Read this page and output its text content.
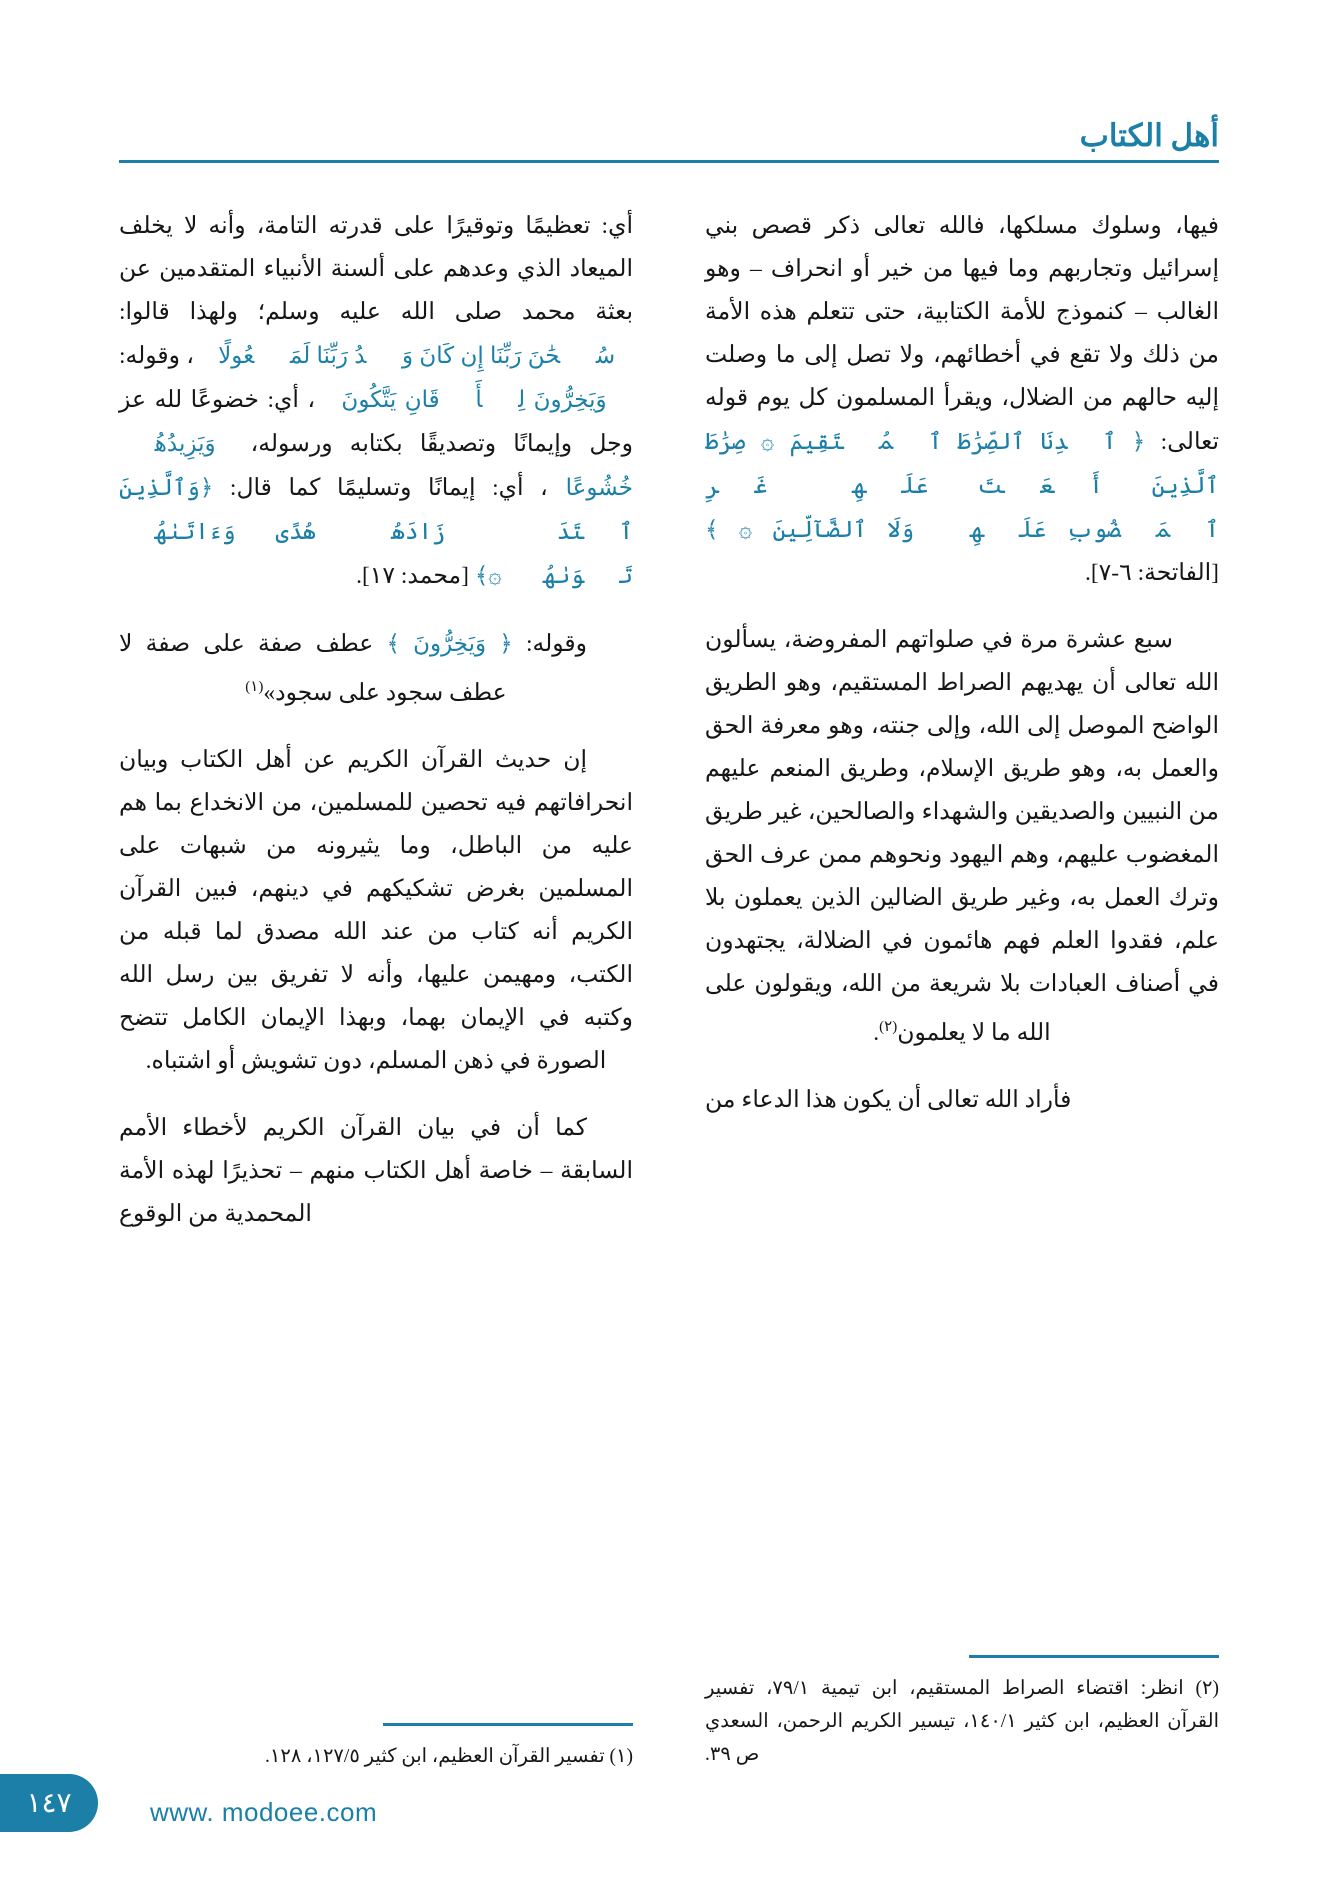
أهل الكتاب

فيها، وسلوك مسلكها، فالله تعالى ذكر قصص بني إسرائيل وتجاربهم وما فيها من خير أو انحراف – وهو الغالب – كنموذج للأمة الكتابية، حتى تتعلم هذه الأمة من ذلك ولا تقع في أخطائهم، ولا تصل إلى ما وصلت إليه حالهم من الضلال، ويقرأ المسلمون كل يوم قوله تعالى: ﴿ ٱهۡدِنَا ٱلصِّرَٰطَ ٱلۡمُسۡتَقِيمَ ۞ صِرَٰطَ ٱلَّذِينَ أَنۡعَمۡتَ عَلَيۡهِمۡ غَيۡرِ ٱلۡمَغۡضُوبِ عَلَيۡهِمۡ وَلَا ٱلضَّآلِّينَ ۞ ﴾ [الفاتحة: ٦-٧].

سبع عشرة مرة في صلواتهم المفروضة، يسألون الله تعالى أن يهديهم الصراط المستقيم، وهو الطريق الواضح الموصل إلى الله، وإلى جنته، وهو معرفة الحق والعمل به، وهو طريق الإسلام، وطريق المنعم عليهم من النبيين والصديقين والشهداء والصالحين، غير طريق المغضوب عليهم، وهم اليهود ونحوهم ممن عرف الحق وترك العمل به، وغير طريق الضالين الذين يعملون بلا علم، فقدوا العلم فهم هائمون في الضلالة، يجتهدون في أصناف العبادات بلا شريعة من الله، ويقولون على الله ما لا يعلمون$^{(٢)}$.

فأراد الله تعالى أن يكون هذا الدعاء من

أي: تعظيمًا وتوقيرًا على قدرته التامة، وأنه لا يخلف الميعاد الذي وعدهم على ألسنة الأنبياء المتقدمين عن بعثة محمد صلى الله عليه وسلم؛ ولهذا قالوا: ﴿سُبۡحَٰنَ رَبِّنَا إِن كَانَ وَعۡدُ رَبِّنَا لَمَفۡعُولًا ﴾، وقوله: ﴿ وَيَخِرُّونَ لِلۡأَذۡقَانِ يَتَّكُونَ ﴾، أي: خضوعًا لله عز وجل وإيمانًا وتصديقًا بكتابه ورسوله، ﴿وَيَزِيدُهُمۡ خُشُوعًا﴾، أي: إيمانًا وتسليمًا كما قال: ﴿وَٱلَّذِينَ ٱهۡتَدَوۡا۟ زَادَهُمۡ هُدًى وَءَاتَىٰهُمۡ تَقۡوَىٰهُمۡ ۞﴾ [محمد: ١٧].

وقوله: ﴿ وَيَخِرُّونَ ﴾ عطف صفة على صفة لا عطف سجود على سجود»$^{(١)}$

إن حديث القرآن الكريم عن أهل الكتاب وبيان انحرافاتهم فيه تحصين للمسلمين، من الانخداع بما هم عليه من الباطل، وما يثيرونه من شبهات على المسلمين بغرض تشكيكهم في دينهم، فبين القرآن الكريم أنه كتاب من عند الله مصدق لما قبله من الكتب، ومهيمن عليها، وأنه لا تفريق بين رسل الله وكتبه في الإيمان بهما، وبهذا الإيمان الكامل تتضح الصورة في ذهن المسلم، دون تشويش أو اشتباه.

كما أن في بيان القرآن الكريم لأخطاء الأمم السابقة – خاصة أهل الكتاب منهم – تحذيرًا لهذه الأمة المحمدية من الوقوع

(٢) انظر: اقتضاء الصراط المستقيم، ابن تيمية ٧٩/١، تفسير القرآن العظيم، ابن كثير ١٤٠/١، تيسير الكريم الرحمن، السعدي ص ٣٩.

(١) تفسير القرآن العظيم، ابن كثير ١٢٧/٥، ١٢٨.

١٤٧	www. modoee.com
